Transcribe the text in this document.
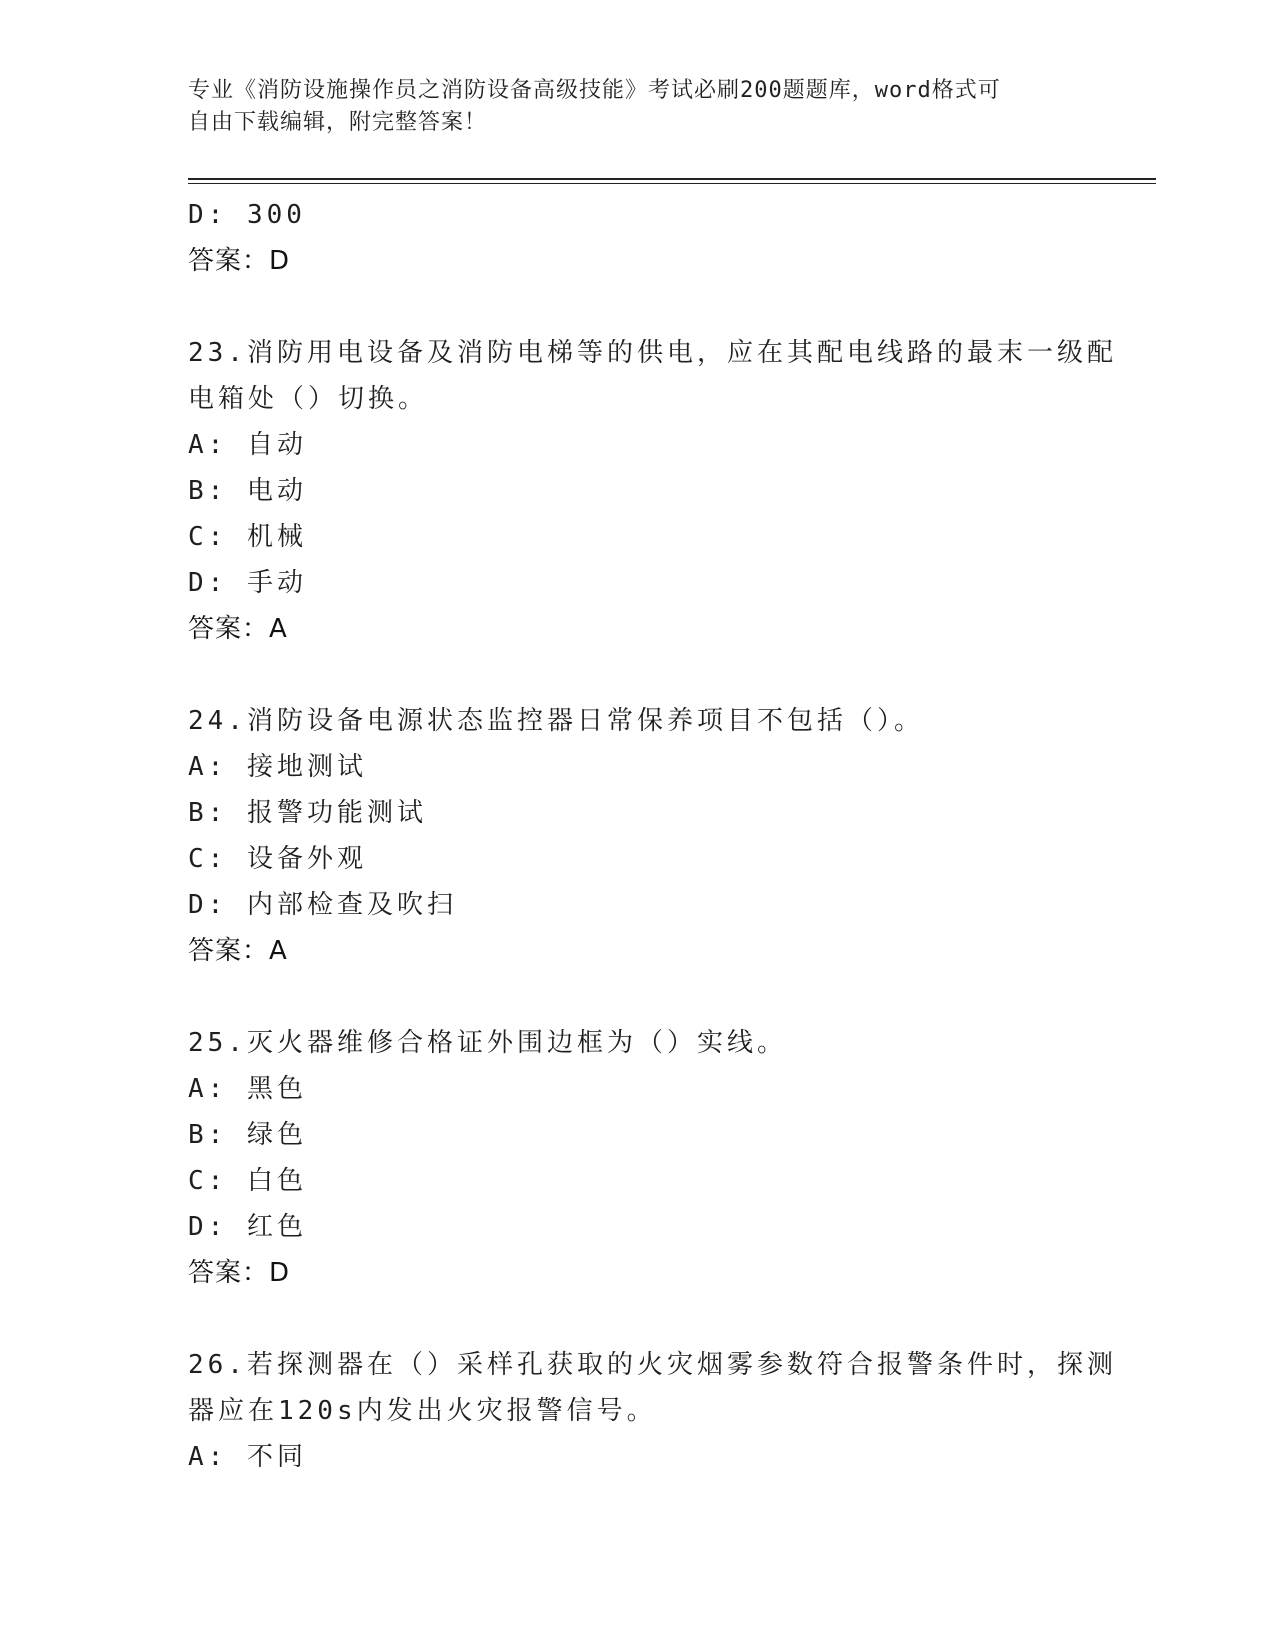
专业《消防设施操作员之消防设备高级技能》考试必刷200题题库，word格式可
自由下载编辑，附完整答案！
D: 300
答案：D
23.消防用电设备及消防电梯等的供电，应在其配电线路的最末一级配
电箱处（）切换。
A: 自动
B: 电动
C: 机械
D: 手动
答案：A
24.消防设备电源状态监控器日常保养项目不包括（）。
A: 接地测试
B: 报警功能测试
C: 设备外观
D: 内部检查及吹扫
答案：A
25.灭火器维修合格证外围边框为（）实线。
A: 黑色
B: 绿色
C: 白色
D: 红色
答案：D
26.若探测器在（）采样孔获取的火灾烟雾参数符合报警条件时，探测
器应在120s内发出火灾报警信号。
A: 不同
